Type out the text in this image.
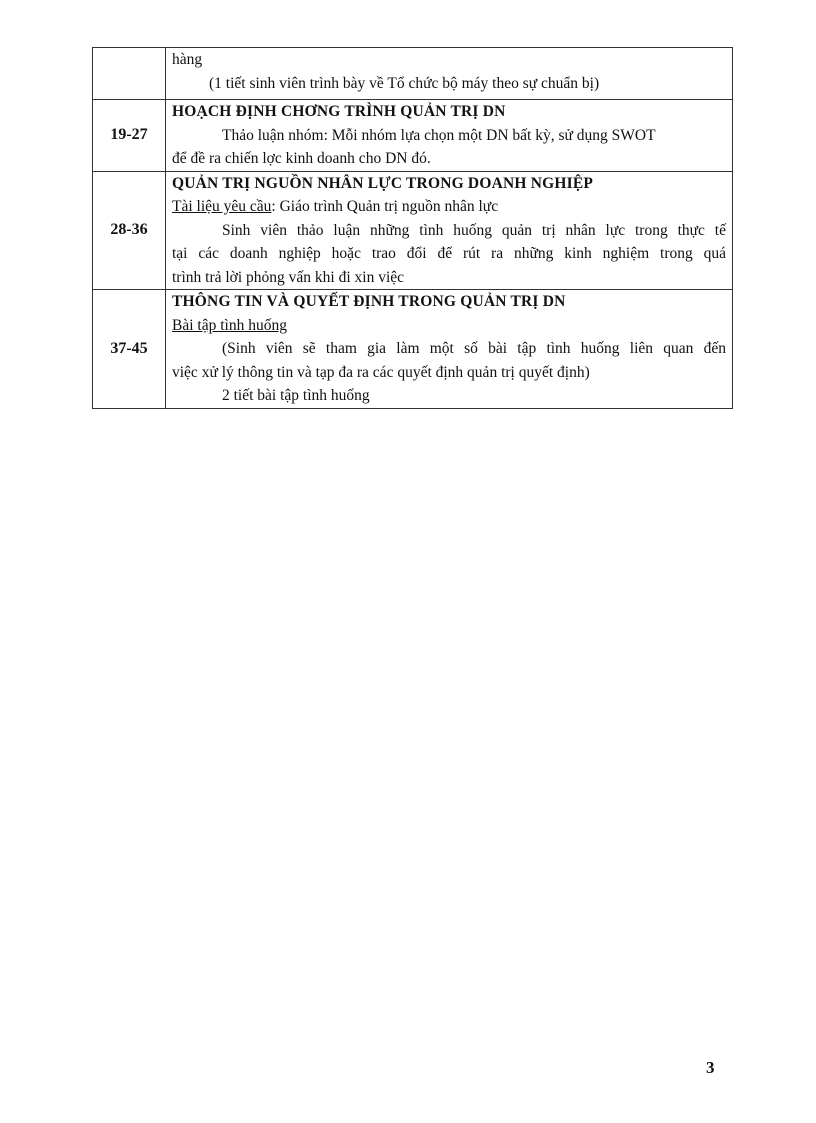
	hàng
(1 tiết sinh viên trình bày về Tổ chức bộ máy theo sự chuẩn bị)

19-27	HOẠCH ĐỊNH CHƠNG TRÌNH QUẢN TRỊ DN
Thảo luận nhóm: Mỗi nhóm lựa chọn một DN bất kỳ, sử dụng SWOT
để đề ra chiến lợc kinh doanh cho DN đó.

28-36	QUẢN TRỊ NGUỒN NHÂN LỰC TRONG DOANH NGHIỆP
Tài liệu yêu cầu: Giáo trình Quản trị nguồn nhân lực
Sinh viên thảo luận những tình huống quản trị nhân lực trong thực tế
tại các doanh nghiệp hoặc trao đổi để rút ra những kinh nghiệm trong quá
trình trả lời phỏng vấn khi đi xin việc

37-45	THÔNG TIN VÀ QUYẾT ĐỊNH TRONG QUẢN TRỊ DN
Bài tập tình huống
(Sinh viên sẽ tham gia làm một số bài tập tình huống liên quan đến
việc xử lý thông tin và tạp đa ra các quyết định quản trị quyết định)
2 tiết bài tập tình huống
3
